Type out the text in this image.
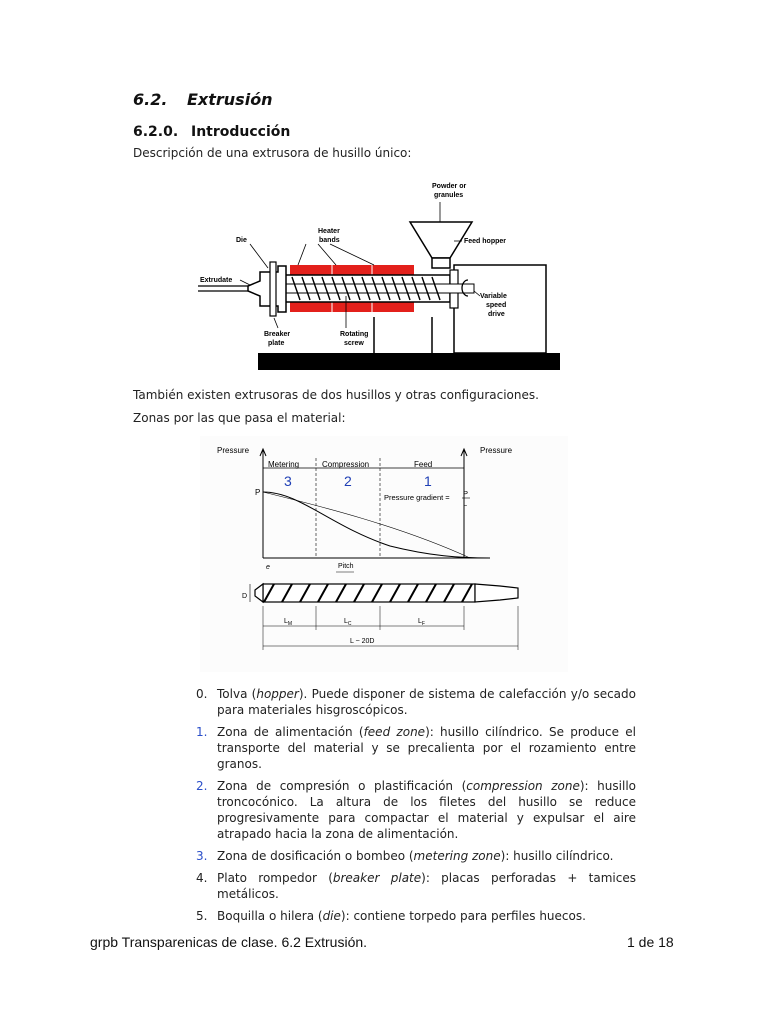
6.2. Extrusión
6.2.0. Introducción
Descripción de una extrusora de husillo único:
Powder or
granules
Heater
bands
Die	Feed hopper
Extrudate
Variable
speed
drive
Breaker
plate
Rotating
screw
También existen extrusoras de dos husillos y otras configuraciones.
Zonas por las que pasa el material:
Metering	Compression	Feed
3	2	1
Pressure	Pressure
P
Pressure gradient = P
L
Pitch
e
D
$L_M$	$L_C$	$L_F$
L ~ 20D
0. Tolva (hopper). Puede disponer de sistema de calefacción y/o secado para materiales hisgroscópicos.
1. Zona de alimentación (feed zone): husillo cilíndrico. Se produce el transporte del material y se precalienta por el rozamiento entre granos.
2. Zona de compresión o plastificación (compression zone): husillo troncocónico. La altura de los filetes del husillo se reduce progresivamente para compactar el material y expulsar el aire atrapado hacia la zona de alimentación.
3. Zona de dosificación o bombeo (metering zone): husillo cilíndrico.
4. Plato rompedor (breaker plate): placas perforadas + tamices metálicos.
5. Boquilla o hilera (die): contiene torpedo para perfiles huecos.
grpb Transparenicas de clase. 6.2 Extrusión.	1 de 18
